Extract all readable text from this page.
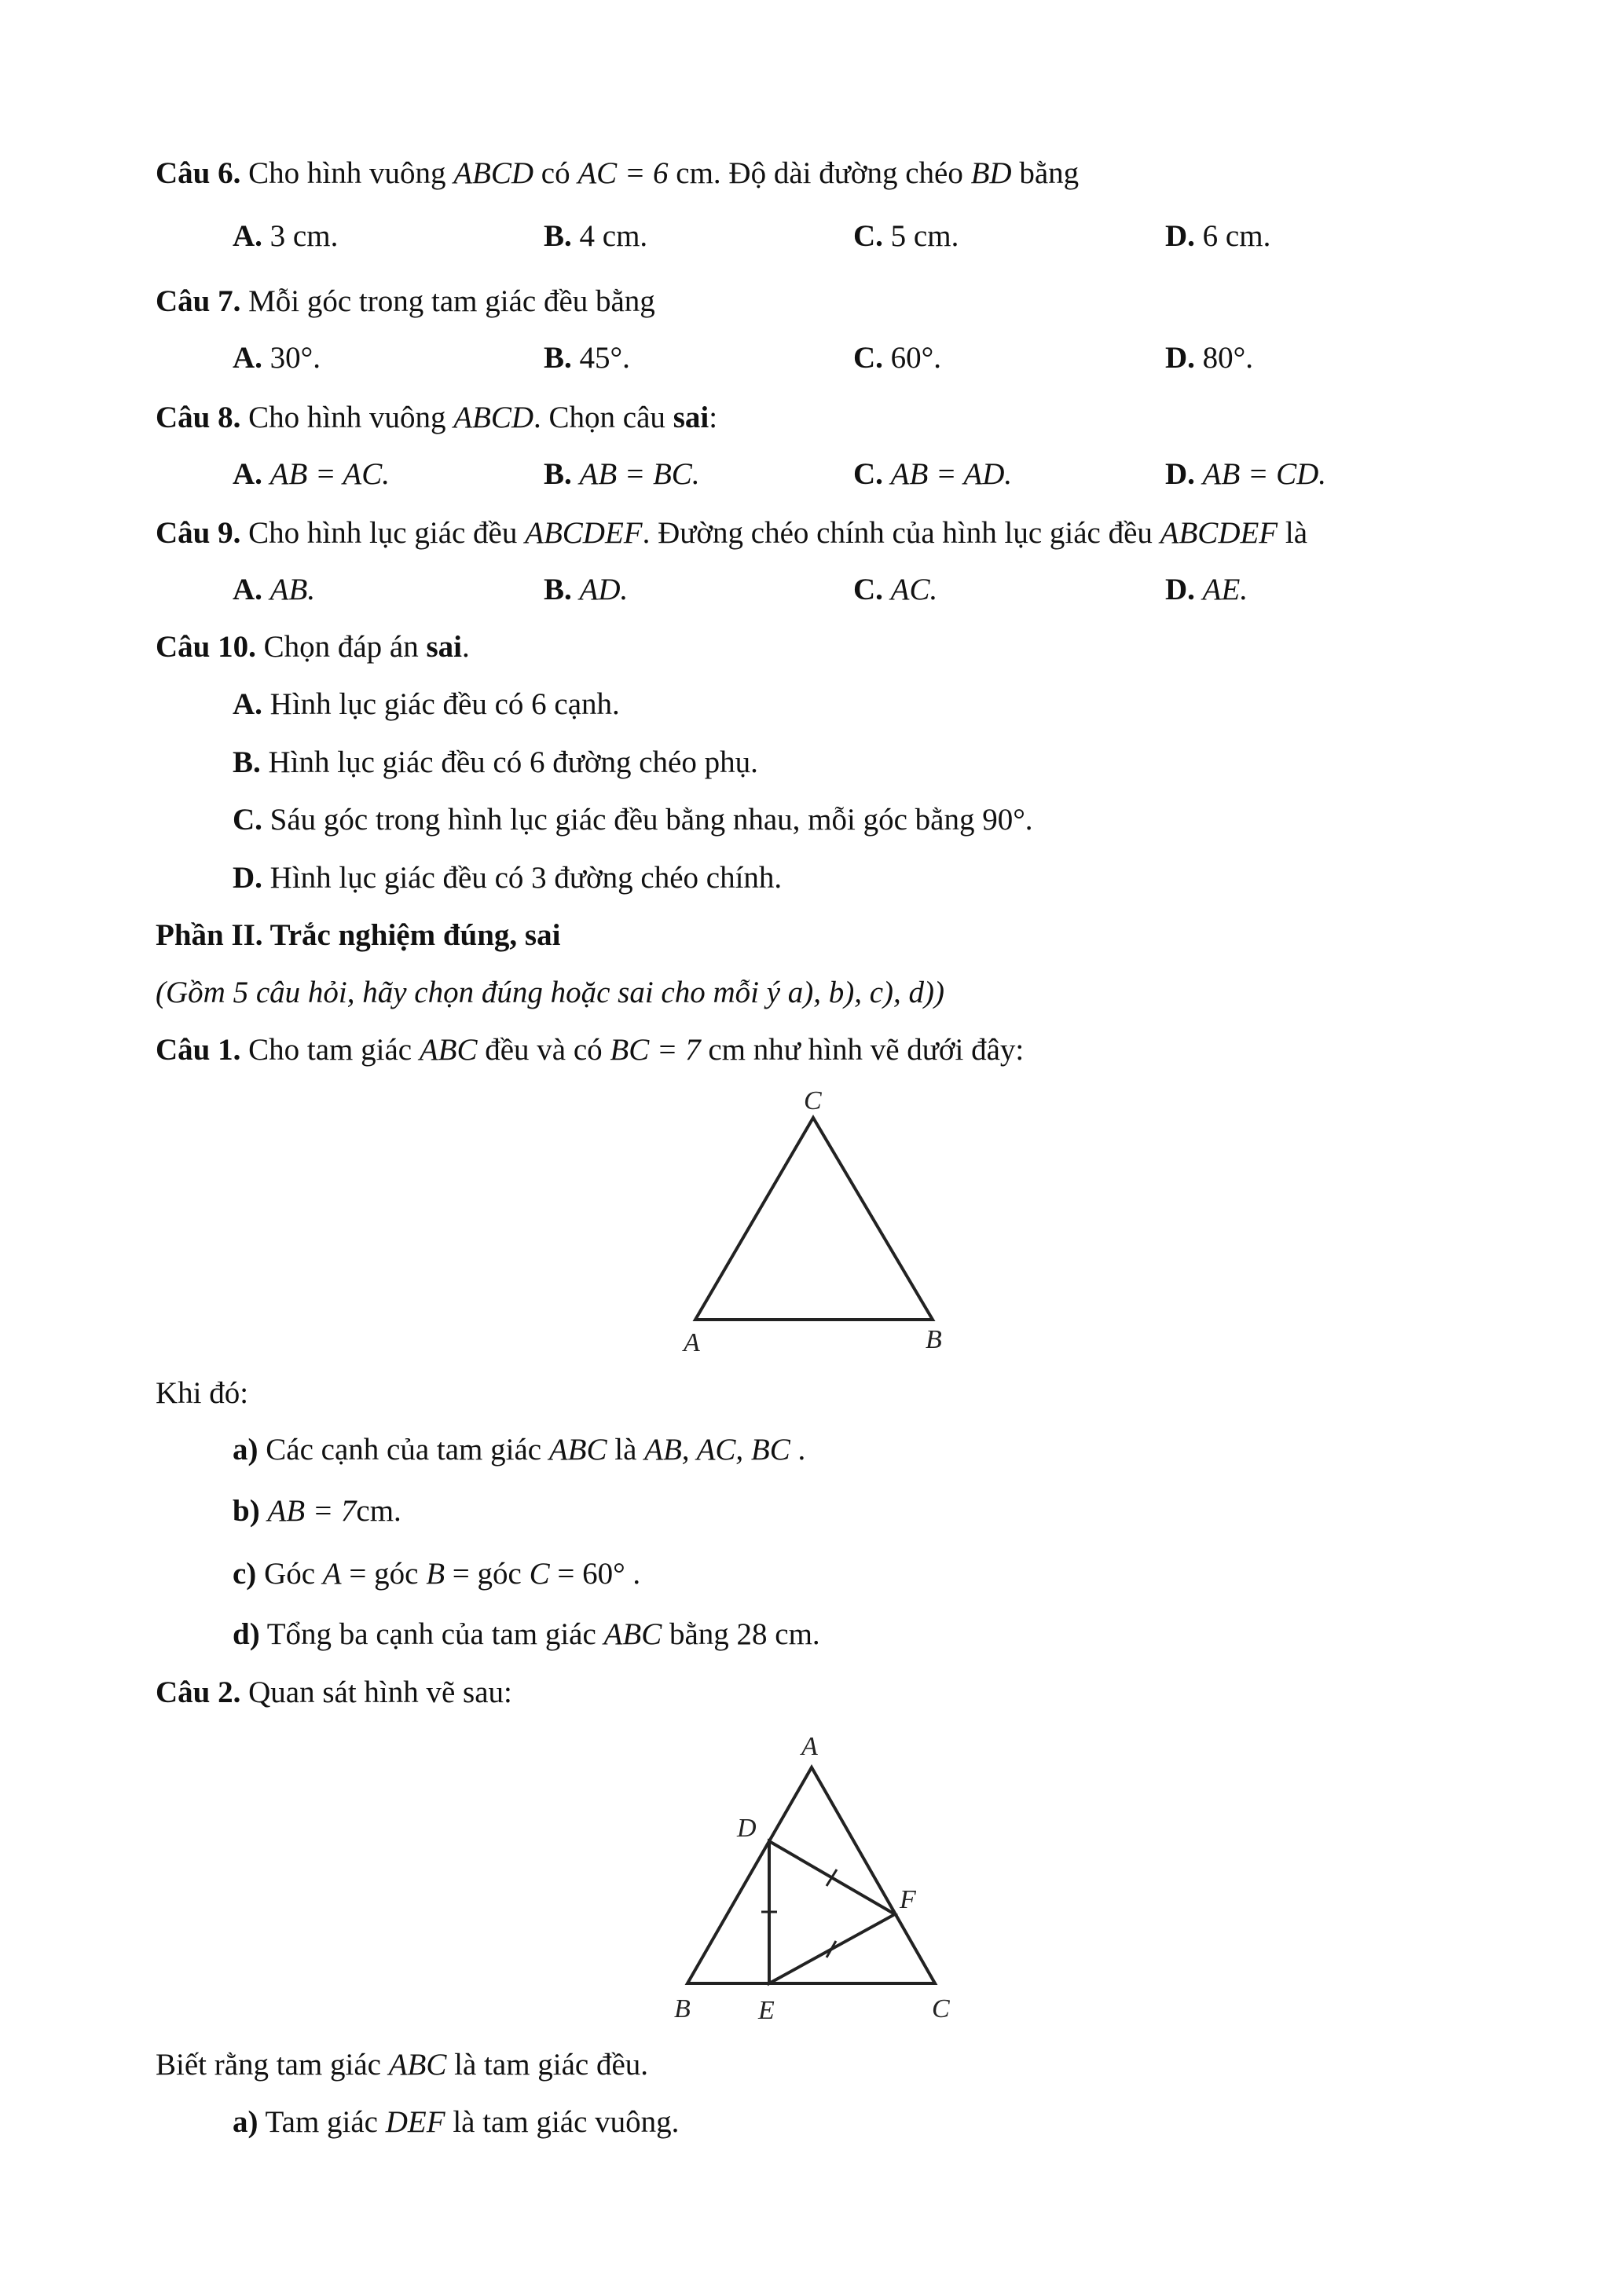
Câu 6. Cho hình vuông ABCD có AC = 6 cm. Độ dài đường chéo BD bằng
A. 3 cm.	B. 4 cm.	C. 5 cm.	D. 6 cm.
Câu 7. Mỗi góc trong tam giác đều bằng
A. 30°.	B. 45°.	C. 60°.	D. 80°.
Câu 8. Cho hình vuông ABCD. Chọn câu sai:
A. AB = AC.	B. AB = BC.	C. AB = AD.	D. AB = CD.
Câu 9. Cho hình lục giác đều ABCDEF. Đường chéo chính của hình lục giác đều ABCDEF là
A. AB.	B. AD.	C. AC.	D. AE.
Câu 10. Chọn đáp án sai.
A. Hình lục giác đều có 6 cạnh.
B. Hình lục giác đều có 6 đường chéo phụ.
C. Sáu góc trong hình lục giác đều bằng nhau, mỗi góc bằng 90°.
D. Hình lục giác đều có 3 đường chéo chính.
Phần II. Trắc nghiệm đúng, sai
(Gồm 5 câu hỏi, hãy chọn đúng hoặc sai cho mỗi ý a), b), c), d))
Câu 1. Cho tam giác ABC đều và có BC = 7 cm như hình vẽ dưới đây:
A	B
C
Khi đó:
a) Các cạnh của tam giác ABC là AB, AC, BC .
b) AB = 7cm.
c) Góc A = góc B = góc C = 60° .
d) Tổng ba cạnh của tam giác ABC bằng 28 cm.
Câu 2. Quan sát hình vẽ sau:
A
D
F
B	E	C
Biết rằng tam giác ABC là tam giác đều.
a) Tam giác DEF là tam giác vuông.
